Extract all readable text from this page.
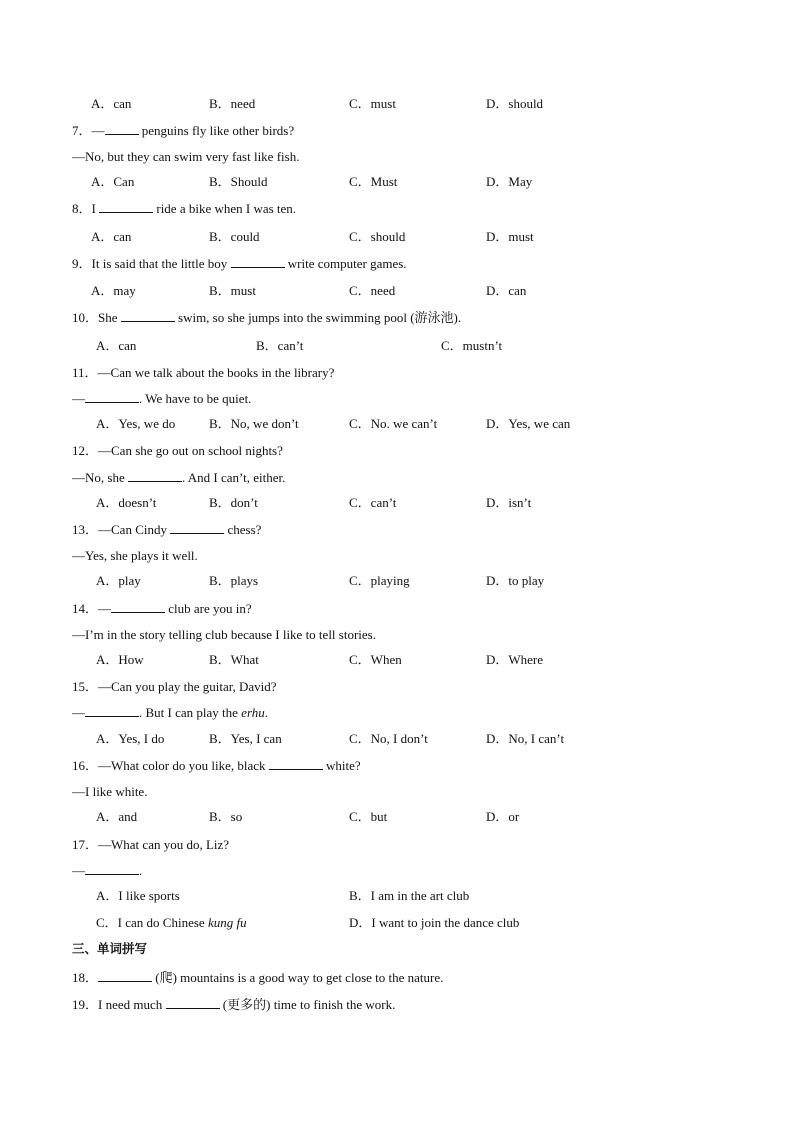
A．can	B．need	C．must	D．should
7．—	penguins fly like other birds?
—No, but they can swim very fast like fish.
A．Can	B．Should	C．Must	D．May
8．I	ride a bike when I was ten.
A．can	B．could	C．should	D．must
9．It is said that the little boy	write computer games.
A．may	B．must	C．need	D．can
10．She	swim, so she jumps into the swimming pool (游泳池).
A．can	B．can’t	C．mustn’t
11．—Can we talk about the books in the library?
—	. We have to be quiet.
A．Yes, we do	B．No, we don’t	C．No. we can’t	D．Yes, we can
12．—Can she go out on school nights?
—No, she	. And I can’t, either.
A．doesn’t	B．don’t	C．can’t	D．isn’t
13．—Can Cindy	chess?
—Yes, she plays it well.
A．play	B．plays	C．playing	D．to play
14．—	club are you in?
—I’m in the story telling club because I like to tell stories.
A．How	B．What	C．When	D．Where
15．—Can you play the guitar, David?
—	. But I can play the erhu.
A．Yes, I do	B．Yes, I can	C．No, I don’t	D．No, I can’t
16．—What color do you like, black	white?
—I like white.
A．and	B．so	C．but	D．or
17．—What can you do, Liz?
—	.
A．I like sports	B．I am in the art club
C．I can do Chinese kung fu	D．I want to join the dance club
三、单词拼写
18．	(爬) mountains is a good way to get close to the nature.
19．I need much	(更多的) time to finish the work.
